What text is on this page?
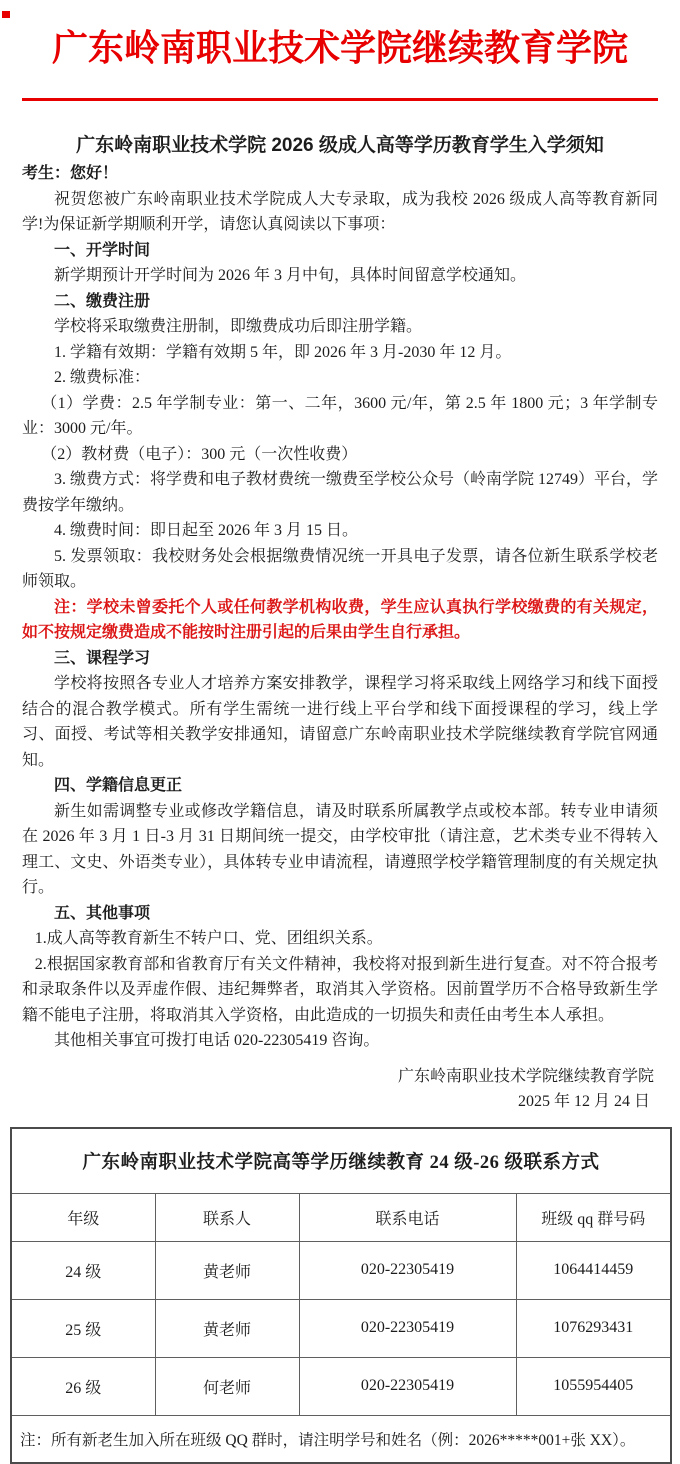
广东岭南职业技术学院继续教育学院
广东岭南职业技术学院 2026 级成人高等学历教育学生入学须知
考生：您好！
祝贺您被广东岭南职业技术学院成人大专录取，成为我校 2026 级成人高等教育新同学!为保证新学期顺利开学，请您认真阅读以下事项：
一、开学时间
新学期预计开学时间为 2026 年 3 月中旬，具体时间留意学校通知。
二、缴费注册
学校将采取缴费注册制，即缴费成功后即注册学籍。
1. 学籍有效期：学籍有效期 5 年，即 2026 年 3 月-2030 年 12 月。
2. 缴费标准：
（1）学费：2.5 年学制专业：第一、二年，3600 元/年，第 2.5 年 1800 元；3 年学制专业：3000 元/年。
（2）教材费（电子）：300 元（一次性收费）
3. 缴费方式：将学费和电子教材费统一缴费至学校公众号（岭南学院 12749）平台，学费按学年缴纳。
4. 缴费时间：即日起至 2026 年 3 月 15 日。
5. 发票领取：我校财务处会根据缴费情况统一开具电子发票，请各位新生联系学校老师领取。
注：学校未曾委托个人或任何教学机构收费，学生应认真执行学校缴费的有关规定，如不按规定缴费造成不能按时注册引起的后果由学生自行承担。
三、课程学习
学校将按照各专业人才培养方案安排教学，课程学习将采取线上网络学习和线下面授结合的混合教学模式。所有学生需统一进行线上平台学和线下面授课程的学习，线上学习、面授、考试等相关教学安排通知，请留意广东岭南职业技术学院继续教育学院官网通知。
四、学籍信息更正
新生如需调整专业或修改学籍信息，请及时联系所属教学点或校本部。转专业申请须在 2026 年 3 月 1 日-3 月 31 日期间统一提交，由学校审批（请注意，艺术类专业不得转入理工、文史、外语类专业），具体转专业申请流程，请遵照学校学籍管理制度的有关规定执行。
五、其他事项
1.成人高等教育新生不转户口、党、团组织关系。
2.根据国家教育部和省教育厅有关文件精神，我校将对报到新生进行复查。对不符合报考和录取条件以及弄虚作假、违纪舞弊者，取消其入学资格。因前置学历不合格导致新生学籍不能电子注册，将取消其入学资格，由此造成的一切损失和责任由考生本人承担。
其他相关事宜可拨打电话 020-22305419 咨询。
广东岭南职业技术学院继续教育学院
2025 年 12 月 24 日
广东岭南职业技术学院高等学历继续教育 24 级-26 级联系方式			
年级	联系人	联系电话	班级 qq 群号码
24 级	黄老师	020-22305419	1064414459
25 级	黄老师	020-22305419	1076293431
26 级	何老师	020-22305419	1055954405
注：所有新老生加入所在班级 QQ 群时，请注明学号和姓名（例：2026*****001+张 XX）。			
